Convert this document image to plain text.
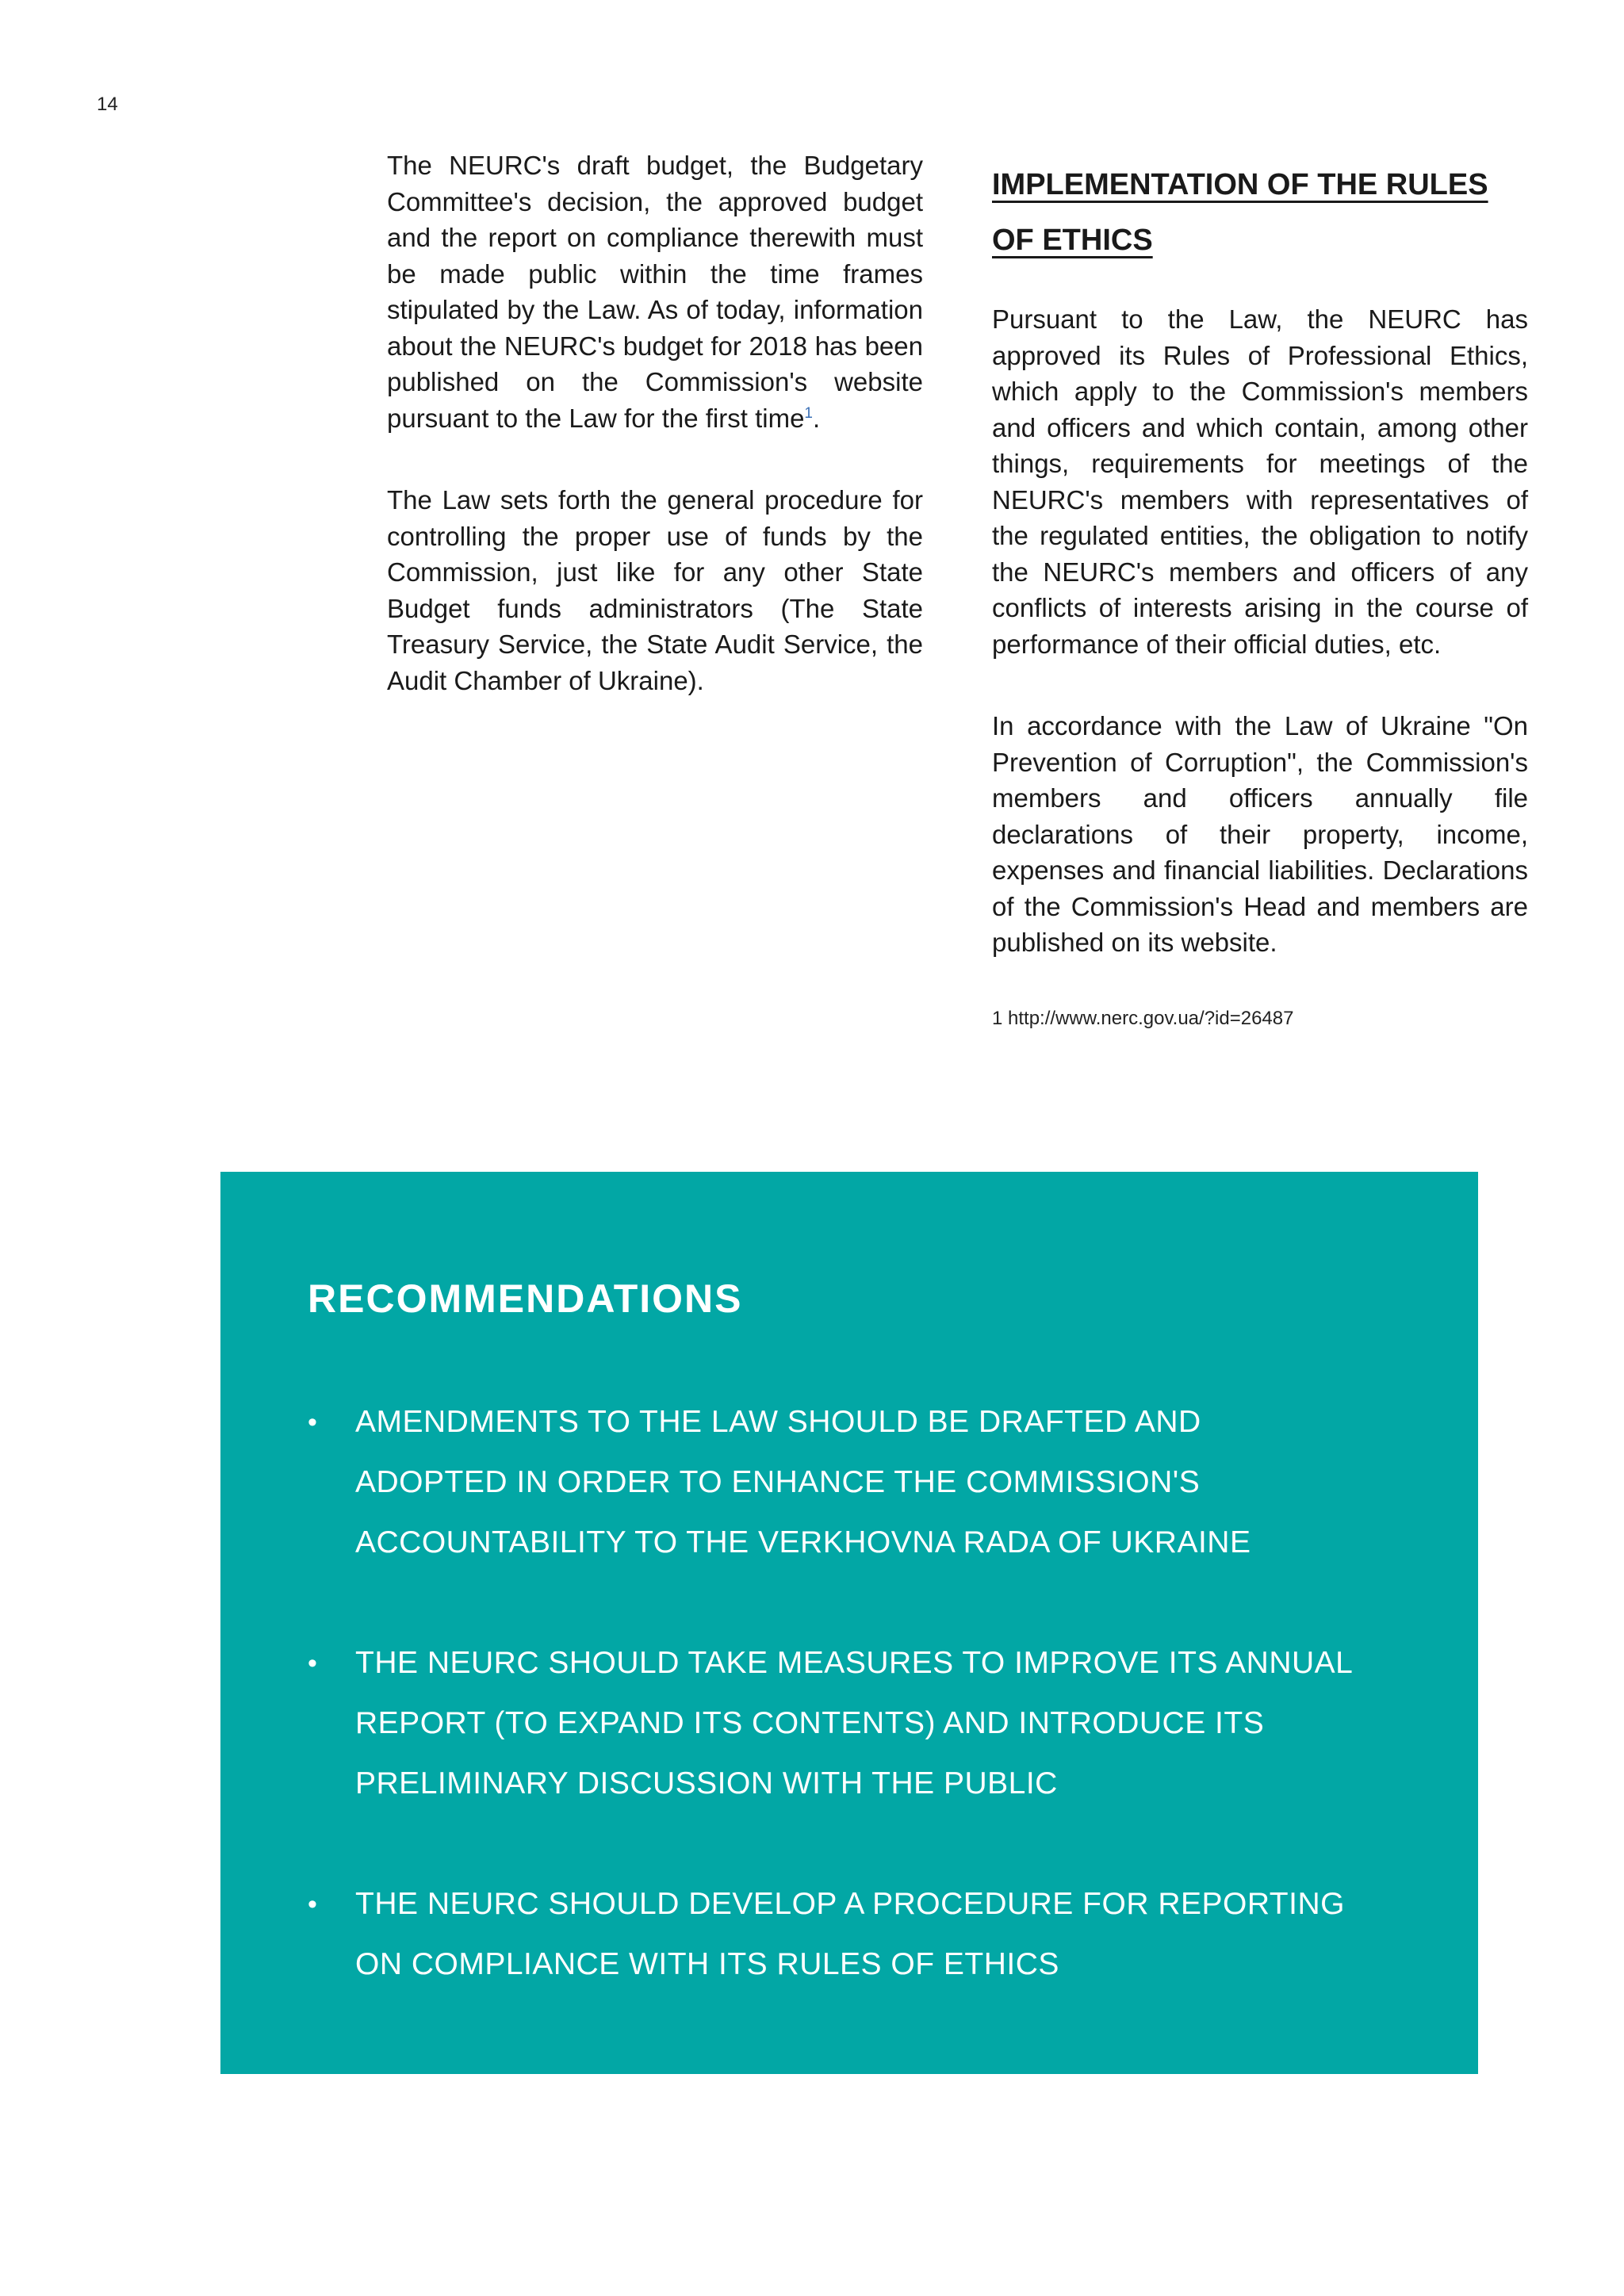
14

The NEURC's draft budget, the Budgetary Committee's decision, the approved budget and the report on compliance therewith must be made public within the time frames stipulated by the Law. As of today, information about the NEURC's budget for 2018 has been published on the Commission's website pursuant to the Law for the first time$^1$.

The Law sets forth the general procedure for controlling the proper use of funds by the Commission, just like for any other State Budget funds administrators (The State Treasury Service, the State Audit Service, the Audit Chamber of Ukraine).

IMPLEMENTATION OF THE RULES OF ETHICS

Pursuant to the Law, the NEURC has approved its Rules of Professional Ethics, which apply to the Commission's members and officers and which contain, among other things, requirements for meetings of the NEURC's members with representatives of the regulated entities, the obligation to notify the NEURC's members and officers of any conflicts of interests arising in the course of performance of their official duties, etc.

In accordance with the Law of Ukraine "On Prevention of Corruption", the Commission's members and officers annually file declarations of their property, income, expenses and financial liabilities. Declarations of the Commission's Head and members are published on its website.

1 http://www.nerc.gov.ua/?id=26487
RECOMMENDATIONS
• AMENDMENTS TO THE LAW SHOULD BE DRAFTED AND ADOPTED IN ORDER TO ENHANCE THE COMMISSION'S ACCOUNTABILITY TO THE VERKHOVNA RADA OF UKRAINE
• THE NEURC SHOULD TAKE MEASURES TO IMPROVE ITS ANNUAL REPORT (TO EXPAND ITS CONTENTS) AND INTRODUCE ITS PRELIMINARY DISCUSSION WITH THE PUBLIC
• THE NEURC SHOULD DEVELOP A PROCEDURE FOR REPORTING ON COMPLIANCE WITH ITS RULES OF ETHICS
